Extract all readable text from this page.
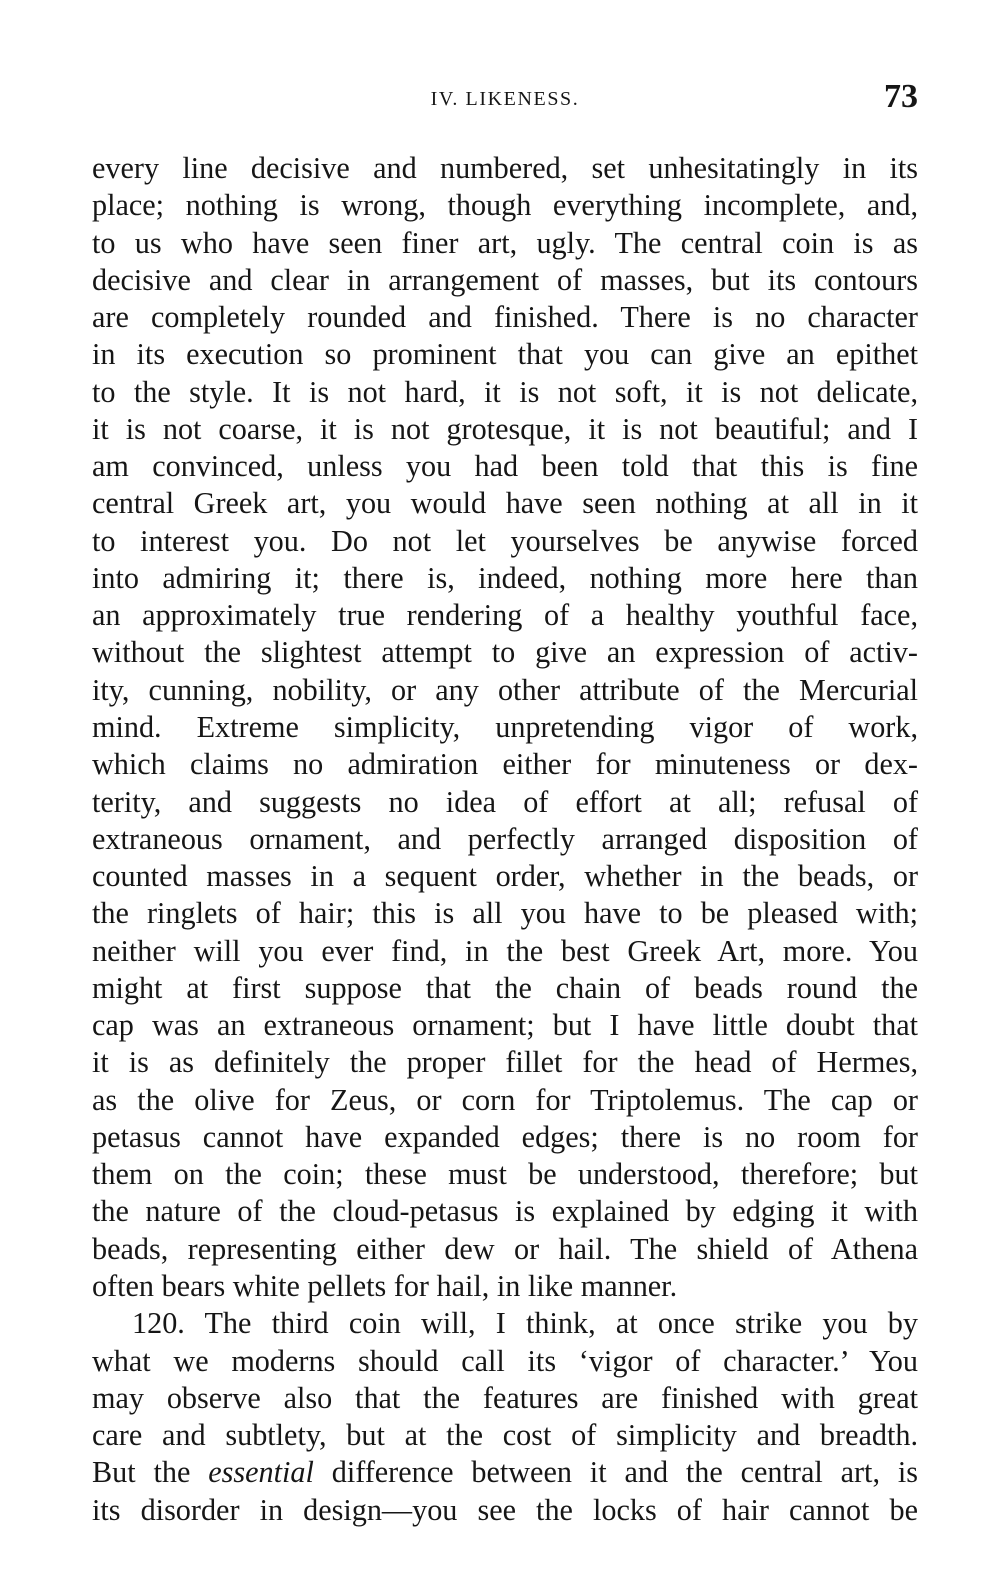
IV. LIKENESS.	73
every line decisive and numbered, set unhesitatingly in its
place; nothing is wrong, though everything incomplete, and,
to us who have seen finer art, ugly. The central coin is as
decisive and clear in arrangement of masses, but its contours
are completely rounded and finished. There is no character
in its execution so prominent that you can give an epithet
to the style. It is not hard, it is not soft, it is not delicate,
it is not coarse, it is not grotesque, it is not beautiful; and I
am convinced, unless you had been told that this is fine
central Greek art, you would have seen nothing at all in it
to interest you. Do not let yourselves be anywise forced
into admiring it; there is, indeed, nothing more here than
an approximately true rendering of a healthy youthful face,
without the slightest attempt to give an expression of activ-
ity, cunning, nobility, or any other attribute of the Mercurial
mind. Extreme simplicity, unpretending vigor of work,
which claims no admiration either for minuteness or dex-
terity, and suggests no idea of effort at all; refusal of
extraneous ornament, and perfectly arranged disposition of
counted masses in a sequent order, whether in the beads, or
the ringlets of hair; this is all you have to be pleased with;
neither will you ever find, in the best Greek Art, more. You
might at first suppose that the chain of beads round the
cap was an extraneous ornament; but I have little doubt that
it is as definitely the proper fillet for the head of Hermes,
as the olive for Zeus, or corn for Triptolemus. The cap or
petasus cannot have expanded edges; there is no room for
them on the coin; these must be understood, therefore; but
the nature of the cloud-petasus is explained by edging it with
beads, representing either dew or hail. The shield of Athena
often bears white pellets for hail, in like manner.
120. The third coin will, I think, at once strike you by
what we moderns should call its ‘vigor of character.’ You
may observe also that the features are finished with great
care and subtlety, but at the cost of simplicity and breadth.
But the essential difference between it and the central art, is
its disorder in design—you see the locks of hair cannot be
